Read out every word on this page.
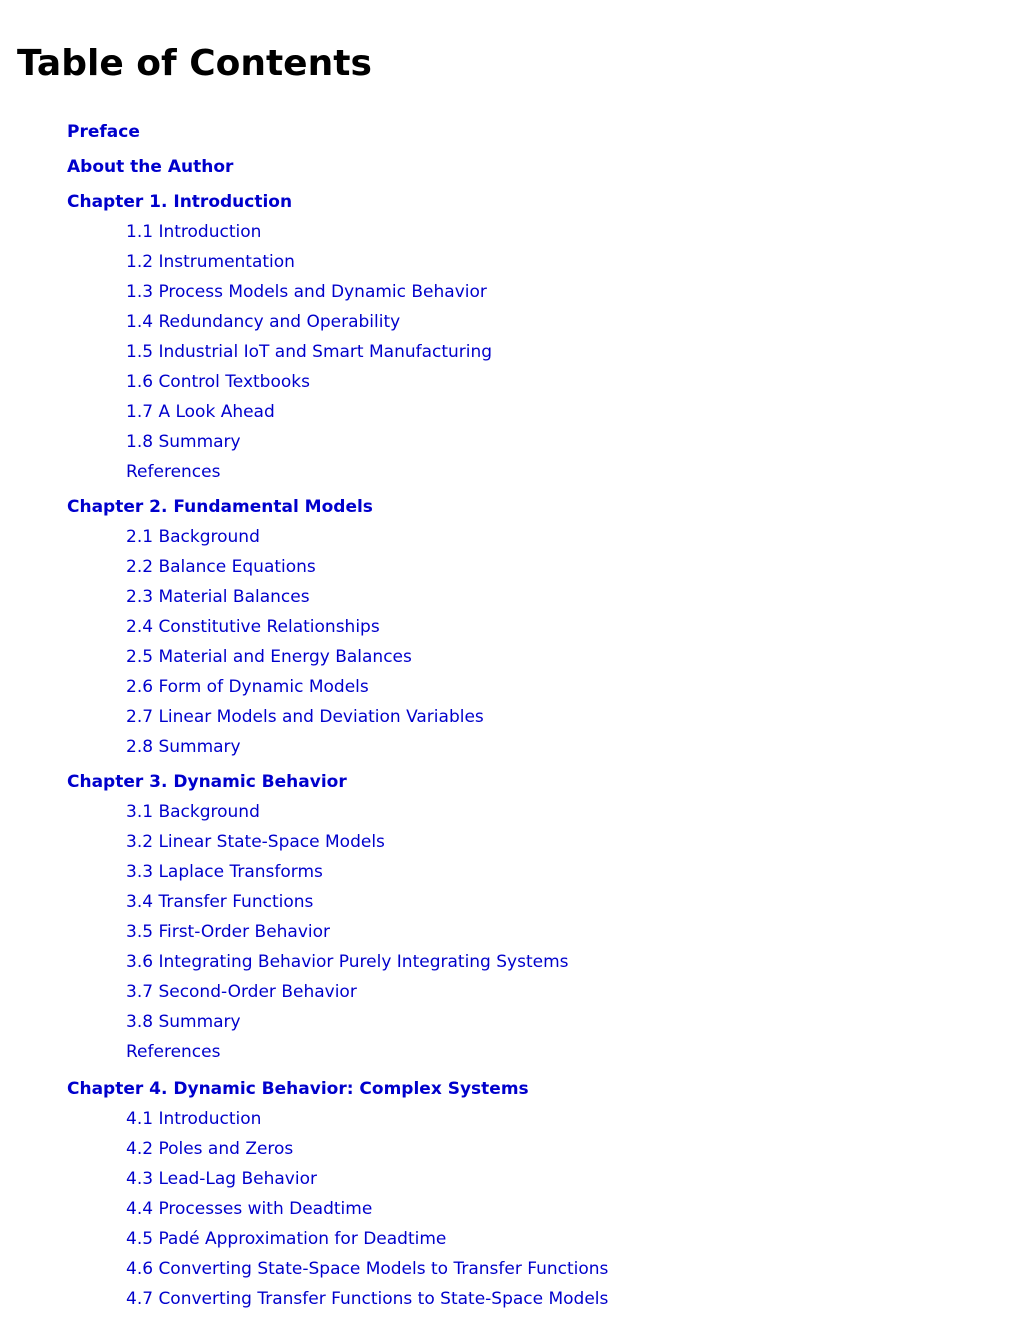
Table of Contents
Preface
About the Author
Chapter 1. Introduction
1.1 Introduction
1.2 Instrumentation
1.3 Process Models and Dynamic Behavior
1.4 Redundancy and Operability
1.5 Industrial IoT and Smart Manufacturing
1.6 Control Textbooks
1.7 A Look Ahead
1.8 Summary
References
Chapter 2. Fundamental Models
2.1 Background
2.2 Balance Equations
2.3 Material Balances
2.4 Constitutive Relationships
2.5 Material and Energy Balances
2.6 Form of Dynamic Models
2.7 Linear Models and Deviation Variables
2.8 Summary
Chapter 3. Dynamic Behavior
3.1 Background
3.2 Linear State-Space Models
3.3 Laplace Transforms
3.4 Transfer Functions
3.5 First-Order Behavior
3.6 Integrating Behavior Purely Integrating Systems
3.7 Second-Order Behavior
3.8 Summary
References
Chapter 4. Dynamic Behavior: Complex Systems
4.1 Introduction
4.2 Poles and Zeros
4.3 Lead-Lag Behavior
4.4 Processes with Deadtime
4.5 Padé Approximation for Deadtime
4.6 Converting State-Space Models to Transfer Functions
4.7 Converting Transfer Functions to State-Space Models
